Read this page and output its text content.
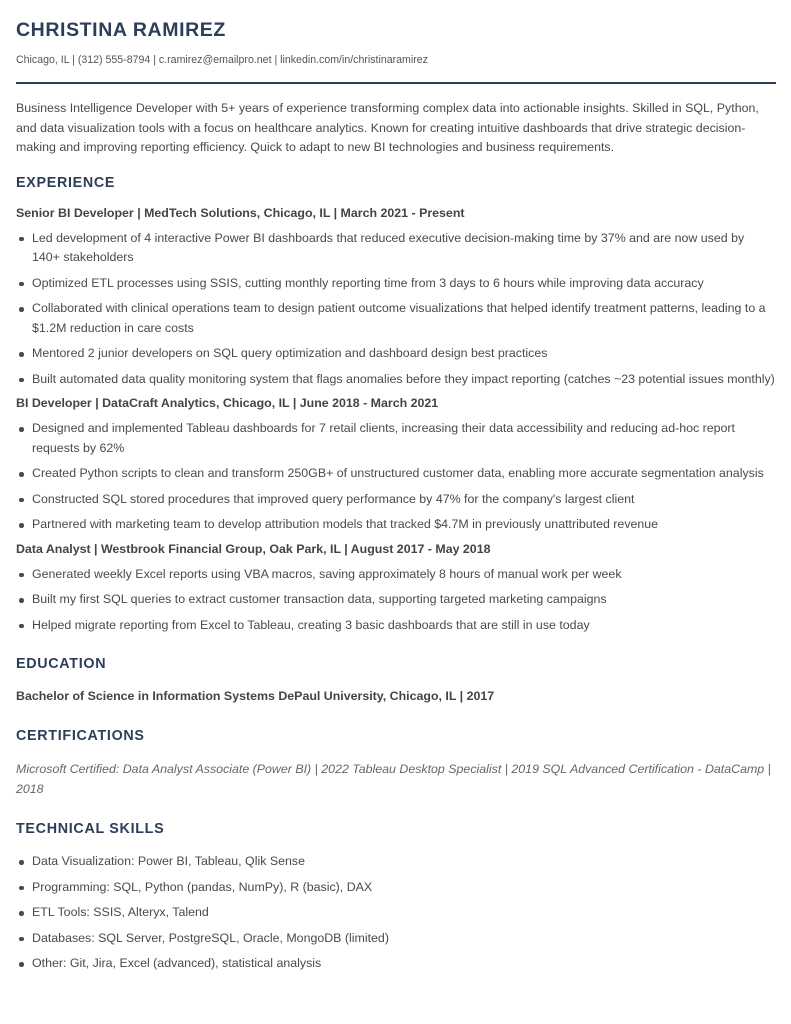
CHRISTINA RAMIREZ
Chicago, IL | (312) 555-8794 | c.ramirez@emailpro.net | linkedin.com/in/christinaramirez
Business Intelligence Developer with 5+ years of experience transforming complex data into actionable insights. Skilled in SQL, Python, and data visualization tools with a focus on healthcare analytics. Known for creating intuitive dashboards that drive strategic decision-making and improving reporting efficiency. Quick to adapt to new BI technologies and business requirements.
EXPERIENCE
Senior BI Developer | MedTech Solutions, Chicago, IL | March 2021 - Present
Led development of 4 interactive Power BI dashboards that reduced executive decision-making time by 37% and are now used by 140+ stakeholders
Optimized ETL processes using SSIS, cutting monthly reporting time from 3 days to 6 hours while improving data accuracy
Collaborated with clinical operations team to design patient outcome visualizations that helped identify treatment patterns, leading to a $1.2M reduction in care costs
Mentored 2 junior developers on SQL query optimization and dashboard design best practices
Built automated data quality monitoring system that flags anomalies before they impact reporting (catches ~23 potential issues monthly)
BI Developer | DataCraft Analytics, Chicago, IL | June 2018 - March 2021
Designed and implemented Tableau dashboards for 7 retail clients, increasing their data accessibility and reducing ad-hoc report requests by 62%
Created Python scripts to clean and transform 250GB+ of unstructured customer data, enabling more accurate segmentation analysis
Constructed SQL stored procedures that improved query performance by 47% for the company's largest client
Partnered with marketing team to develop attribution models that tracked $4.7M in previously unattributed revenue
Data Analyst | Westbrook Financial Group, Oak Park, IL | August 2017 - May 2018
Generated weekly Excel reports using VBA macros, saving approximately 8 hours of manual work per week
Built my first SQL queries to extract customer transaction data, supporting targeted marketing campaigns
Helped migrate reporting from Excel to Tableau, creating 3 basic dashboards that are still in use today
EDUCATION
Bachelor of Science in Information Systems DePaul University, Chicago, IL | 2017
CERTIFICATIONS
Microsoft Certified: Data Analyst Associate (Power BI) | 2022 Tableau Desktop Specialist | 2019 SQL Advanced Certification - DataCamp | 2018
TECHNICAL SKILLS
Data Visualization: Power BI, Tableau, Qlik Sense
Programming: SQL, Python (pandas, NumPy), R (basic), DAX
ETL Tools: SSIS, Alteryx, Talend
Databases: SQL Server, PostgreSQL, Oracle, MongoDB (limited)
Other: Git, Jira, Excel (advanced), statistical analysis
